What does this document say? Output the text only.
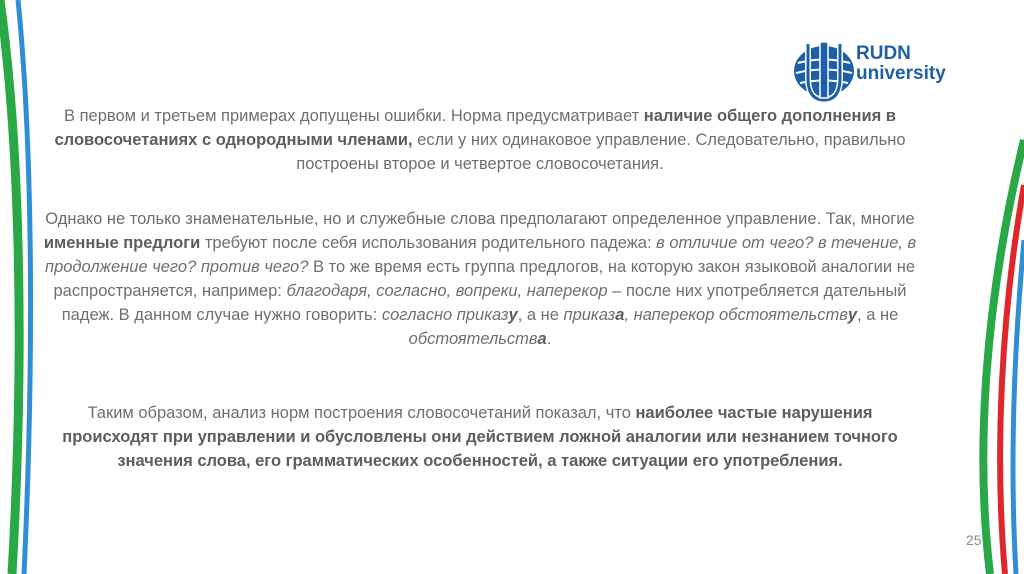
RUDN
university
В первом и третьем примерах допущены ошибки. Норма предусматривает наличие общего дополнения в словосочетаниях с однородными членами, если у них одинаковое управление. Следовательно, правильно построены второе и четвертое словосочетания.
Однако не только знаменательные, но и служебные слова предполагают определенное управление. Так, многие именные предлоги требуют после себя использования родительного падежа: в отличие от чего? в течение, в продолжение чего? против чего? В то же время есть группа предлогов, на которую закон языковой аналогии не распространяется, например: благодаря, согласно, вопреки, наперекор – после них употребляется дательный падеж. В данном случае нужно говорить: согласно приказу, а не приказа, наперекор обстоятельству, а не обстоятельства.
Таким образом, анализ норм построения словосочетаний показал, что наиболее частые нарушения происходят при управлении и обусловлены они действием ложной аналогии или незнанием точного значения слова, его грамматических особенностей, а также ситуации его употребления.
25
